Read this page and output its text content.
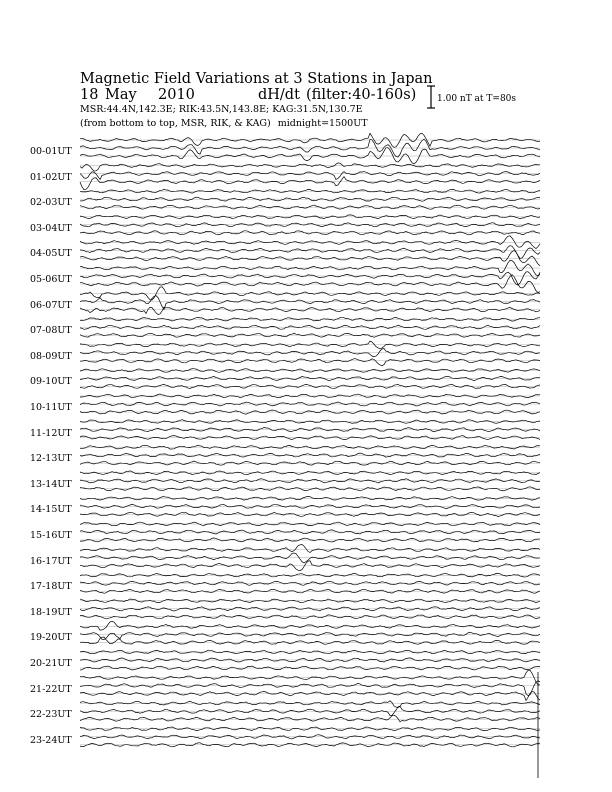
Magnetic Field Variations at 3 Stations in Japan
18 May 2010	dH/dt (filter:40-160s)
MSR:44.4N,142.3E; RIK:43.5N,143.8E; KAG:31.5N,130.7E
(from bottom to top, MSR, RIK, & KAG) midnight=1500UT
1.00 nT at T=80s
00-01UT
01-02UT
02-03UT
03-04UT
04-05UT
05-06UT
06-07UT
07-08UT
08-09UT
09-10UT
10-11UT
11-12UT
12-13UT
13-14UT
14-15UT
15-16UT
16-17UT
17-18UT
18-19UT
19-20UT
20-21UT
21-22UT
22-23UT
23-24UT
